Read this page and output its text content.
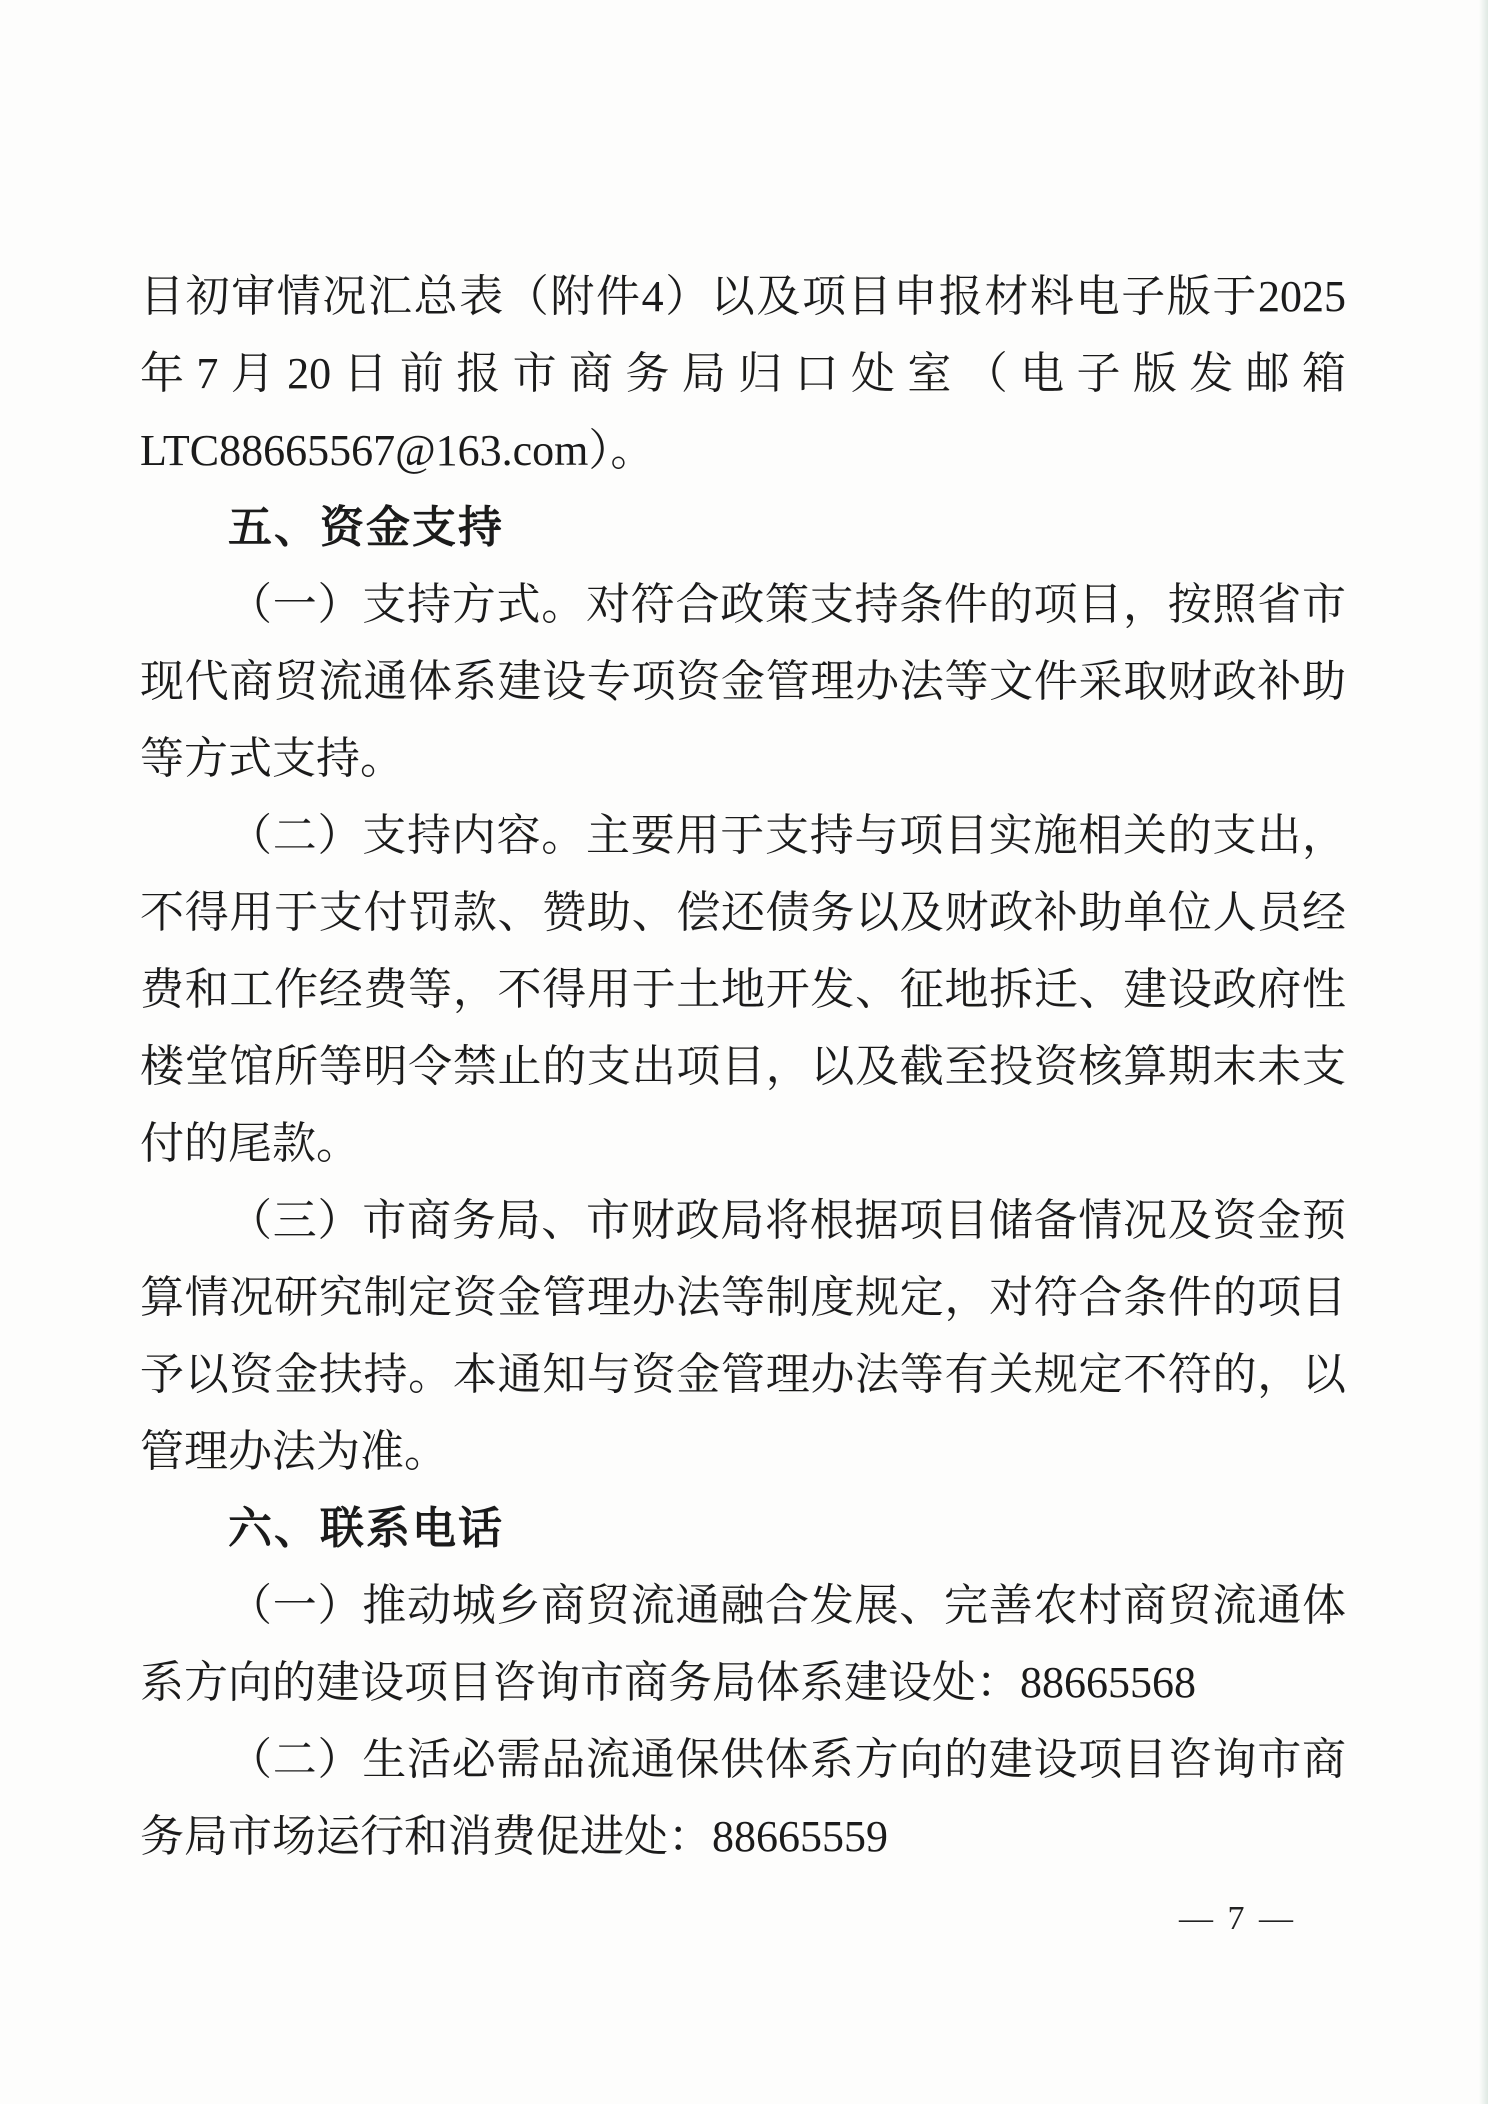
目初审情况汇总表（附件4）以及项目申报材料电子版于2025
年7月20日前报市商务局归口处室（电子版发邮箱
LTC88665567@163.com）。
五、资金支持
（一）支持方式。对符合政策支持条件的项目，按照省市
现代商贸流通体系建设专项资金管理办法等文件采取财政补助
等方式支持。
（二）支持内容。主要用于支持与项目实施相关的支出，
不得用于支付罚款、赞助、偿还债务以及财政补助单位人员经
费和工作经费等，不得用于土地开发、征地拆迁、建设政府性
楼堂馆所等明令禁止的支出项目，以及截至投资核算期末未支
付的尾款。
（三）市商务局、市财政局将根据项目储备情况及资金预
算情况研究制定资金管理办法等制度规定，对符合条件的项目
予以资金扶持。本通知与资金管理办法等有关规定不符的，以
管理办法为准。
六、联系电话
（一）推动城乡商贸流通融合发展、完善农村商贸流通体
系方向的建设项目咨询市商务局体系建设处：88665568
（二）生活必需品流通保供体系方向的建设项目咨询市商
务局市场运行和消费促进处：88665559
— 7 —
